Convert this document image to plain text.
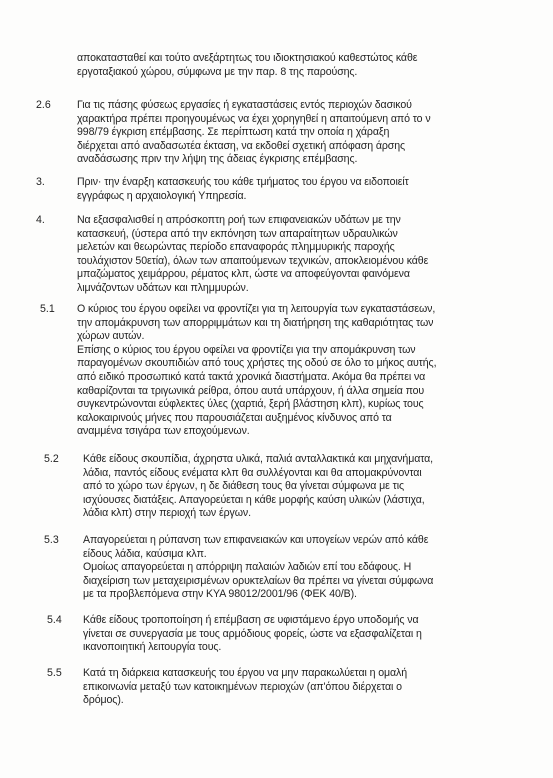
αποκατασταθεί και τούτο ανεξάρτητως του ιδιοκτησιακού καθεστώτος κάθε
εργοταξιακού χώρου, σύμφωνα με την παρ. 8 της παρούσης.
2.6 Για τις πάσης φύσεως εργασίες ή εγκαταστάσεις εντός περιοχών δασικού
χαρακτήρα πρέπει προηγουμένως να έχει χορηγηθεί η απαιτούμενη από το ν
998/79 έγκριση επέμβασης. Σε περίπτωση κατά την οποία η χάραξη
διέρχεται από αναδασωτέα έκταση, να εκδοθεί σχετική απόφαση άρσης
αναδάσωσης πριν την λήψη της άδειας έγκρισης επέμβασης.
3.	Πριν· την έναρξη κατασκευής του κάθε τμήματος του έργου να ειδοποιείτ
εγγράφως η αρχαιολογική Υπηρεσία.
4.	Να εξασφαλισθεί η απρόσκοπτη ροή των επιφανειακών υδάτων με την
κατασκευή, (ύστερα από την εκπόνηση των απαραίτητων υδραυλικών
μελετών και θεωρώντας περίοδο επαναφοράς πλημμυρικής παροχής
τουλάχιστον 50ετία), όλων των απαιτούμενων τεχνικών, αποκλειομένου κάθε
μπαζώματος χειμάρρου, ρέματος κλπ, ώστε να αποφεύγονται φαινόμενα
λιμνάζοντων υδάτων και πλημμυρών.
5.1 Ο κύριος του έργου οφείλει να φροντίζει για τη λειτουργία των εγκαταστάσεων,
την απομάκρυνση των απορριμμάτων και τη διατήρηση της καθαριότητας των
χώρων αυτών.
Επίσης ο κύριος του έργου οφείλει να φροντίζει για την απομάκρυνση των
παραγομένων σκουπιδιών από τους χρήστες της οδού σε όλο το μήκος αυτής,
από ειδικό προσωπικό κατά τακτά χρονικά διαστήματα. Ακόμα θα πρέπει να
καθαρίζονται τα τριγωνικά ρείθρα, όπου αυτά υπάρχουν, ή άλλα σημεία που
συγκεντρώνονται εύφλεκτες ύλες (χαρτιά, ξερή βλάστηση κλπ), κυρίως τους
καλοκαιρινούς μήνες που παρουσιάζεται αυξημένος κίνδυνος από τα
αναμμένα τσιγάρα των εποχούμενων.
5.2 Κάθε είδους σκουπίδια, άχρηστα υλικά, παλιά ανταλλακτικά και μηχανήματα,
λάδια, παντός είδους ενέματα κλπ θα συλλέγονται και θα απομακρύνονται
από το χώρο των έργων, η δε διάθεση τους θα γίνεται σύμφωνα με τις
ισχύουσες διατάξεις. Απαγορεύεται η κάθε μορφής καύση υλικών (λάστιχα,
λάδια κλπ) στην περιοχή των έργων.
5.3 Απαγορεύεται η ρύπανση των επιφανειακών και υπογείων νερών από κάθε
είδους λάδια, καύσιμα κλπ.
Ομοίως απαγορεύεται η απόρριψη παλαιών λαδιών επί του εδάφους. Η
διαχείριση των μεταχειρισμένων ορυκτελαίων θα πρέπει να γίνεται σύμφωνα
με τα προβλεπόμενα στην ΚΥΑ 98012/2001/96 (ΦΕΚ 40/Β).
5.4 Κάθε είδους τροποποίηση ή επέμβαση σε υφιστάμενο έργο υποδομής να
γίνεται σε συνεργασία με τους αρμόδιους φορείς, ώστε να εξασφαλίζεται η
ικανοποιητική λειτουργία τους.
5.5 Κατά τη διάρκεια κατασκευής του έργου να μην παρακωλύεται η ομαλή
επικοινωνία μεταξύ των κατοικημένων περιοχών (απ'όπου διέρχεται ο
δρόμος).
